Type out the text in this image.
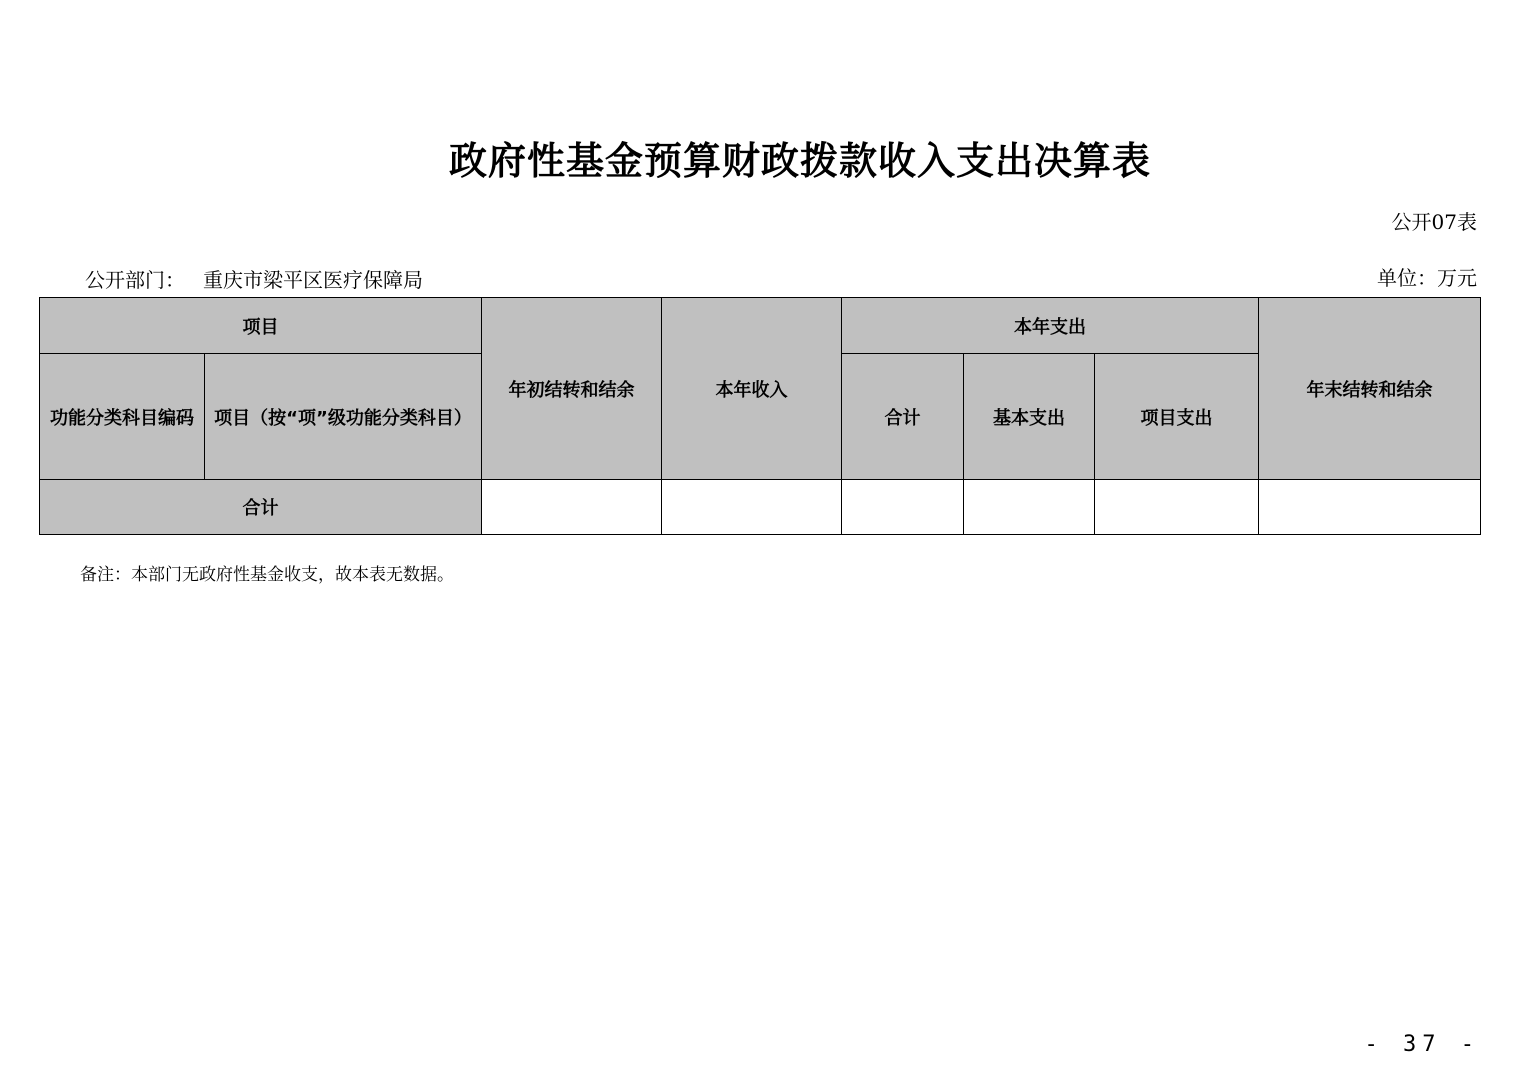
政府性基金预算财政拨款收入支出决算表
公开07表
公开部门： 重庆市梁平区医疗保障局	单位：万元
项目		年初结转和结余	本年收入	本年支出			年末结转和结余
功能分类科目编码	项目（按“项”级功能分类科目）			合计	基本支出	项目支出	
合计							
备注：本部门无政府性基金收支，故本表无数据。
- 37 -
